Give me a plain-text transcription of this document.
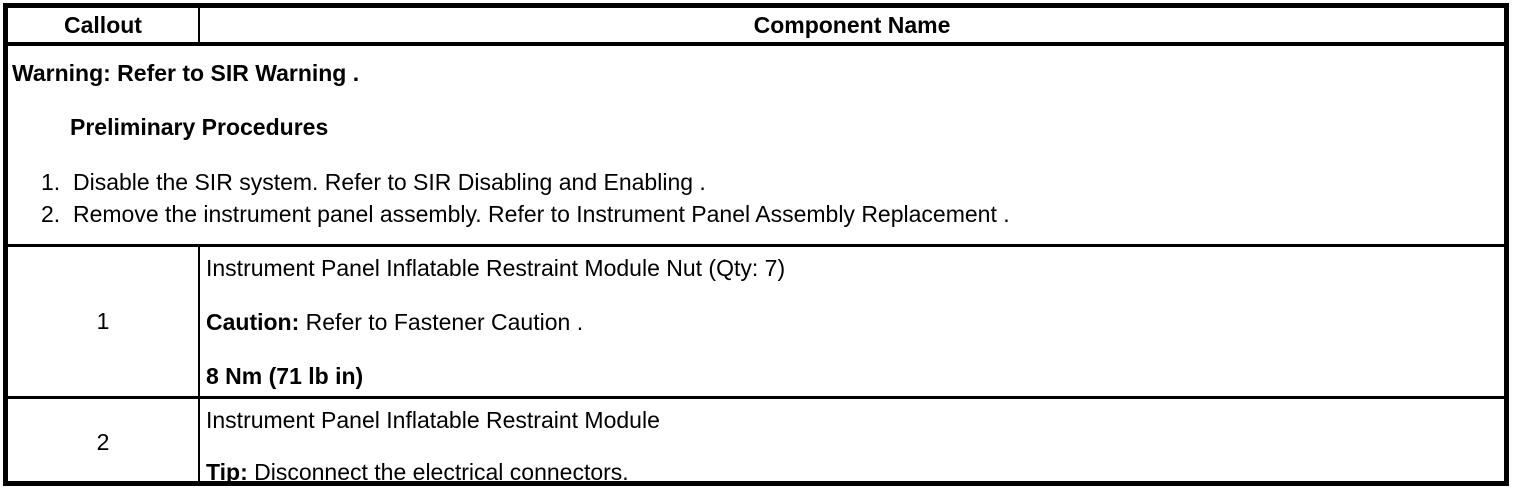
Callout	Component Name
Warning: Refer to SIR Warning .
Preliminary Procedures
1. Disable the SIR system. Refer to SIR Disabling and Enabling .
2. Remove the instrument panel assembly. Refer to Instrument Panel Assembly Replacement .
1

Instrument Panel Inflatable Restraint Module Nut (Qty: 7)

Caution: Refer to Fastener Caution .

8 Nm (71 lb in)

2

Instrument Panel Inflatable Restraint Module

Tip: Disconnect the electrical connectors.
